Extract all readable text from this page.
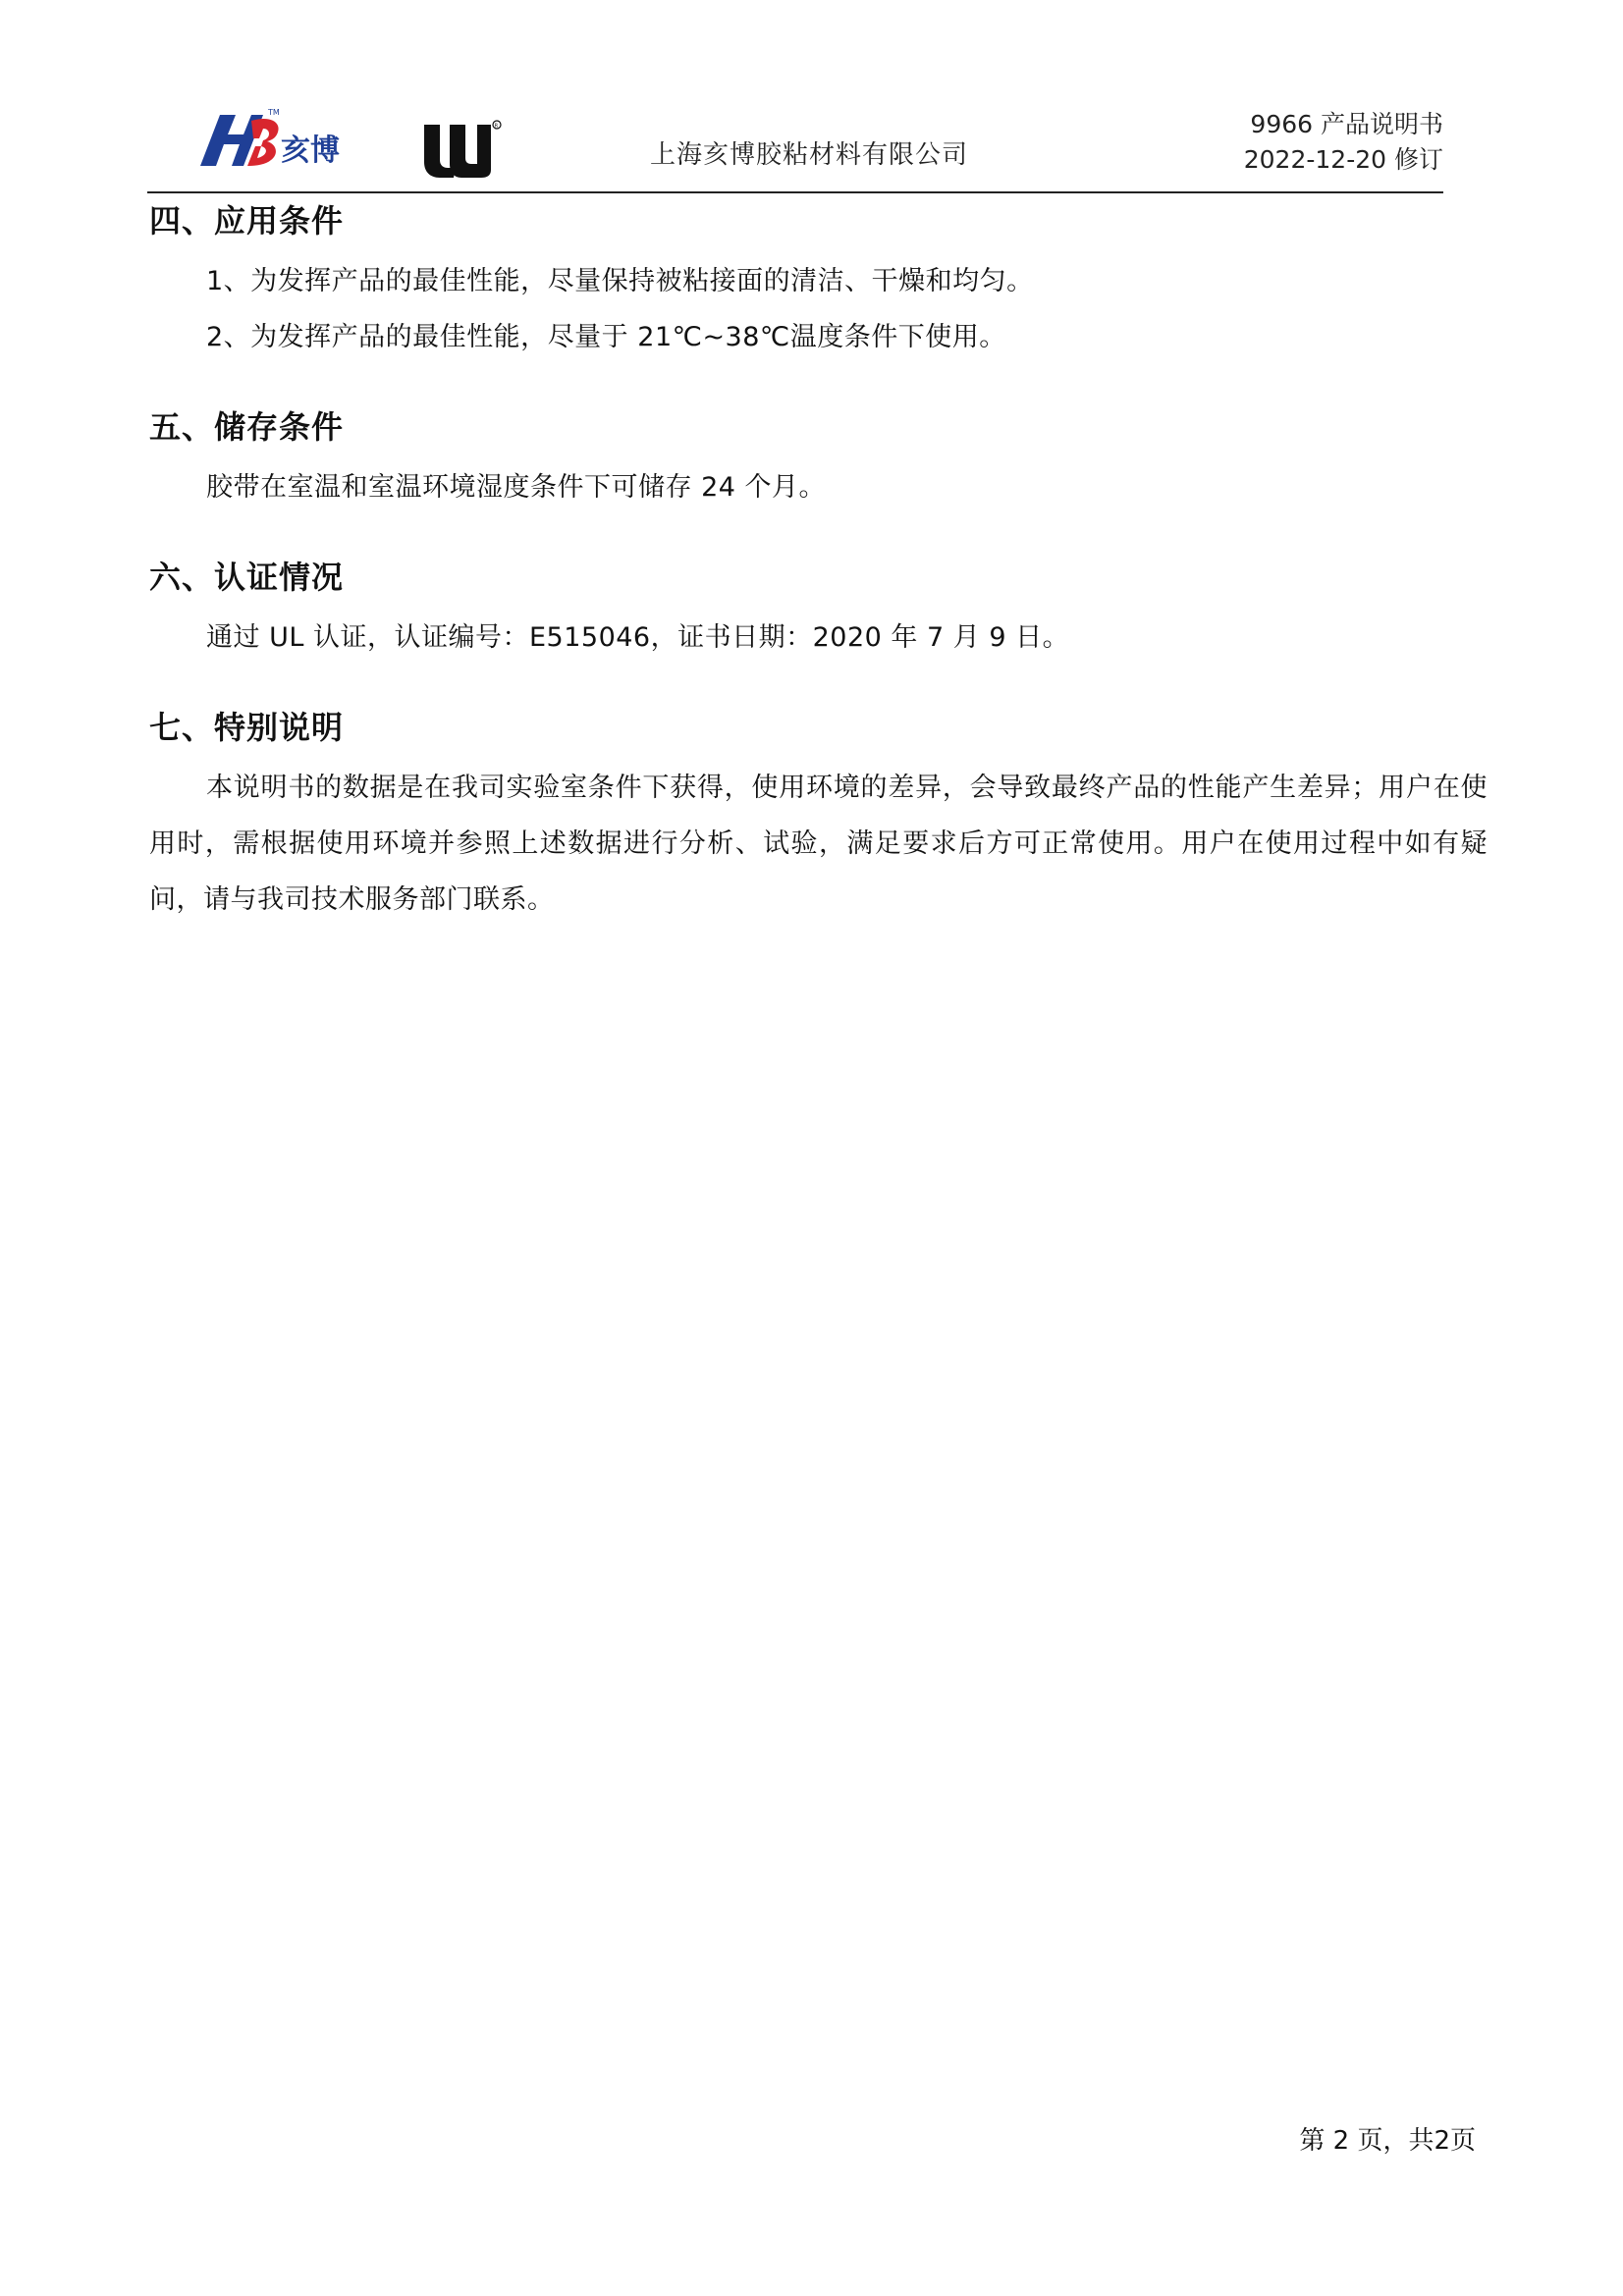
TM
亥博
R
上海亥博胶粘材料有限公司
9966 产品说明书
2022-12-20 修订
四、应用条件

1、为发挥产品的最佳性能，尽量保持被粘接面的清洁、干燥和均匀。

2、为发挥产品的最佳性能，尽量于 21℃~38℃温度条件下使用。

五、储存条件

胶带在室温和室温环境湿度条件下可储存 24 个月。

六、认证情况

通过 UL 认证，认证编号：E515046，证书日期：2020 年 7 月 9 日。

七、特别说明

本说明书的数据是在我司实验室条件下获得，使用环境的差异，会导致最终产品的性能产生差异；用户在使用时，需根据使用环境并参照上述数据进行分析、试验，满足要求后方可正常使用。用户在使用过程中如有疑问，请与我司技术服务部门联系。

第 2 页，共2页
